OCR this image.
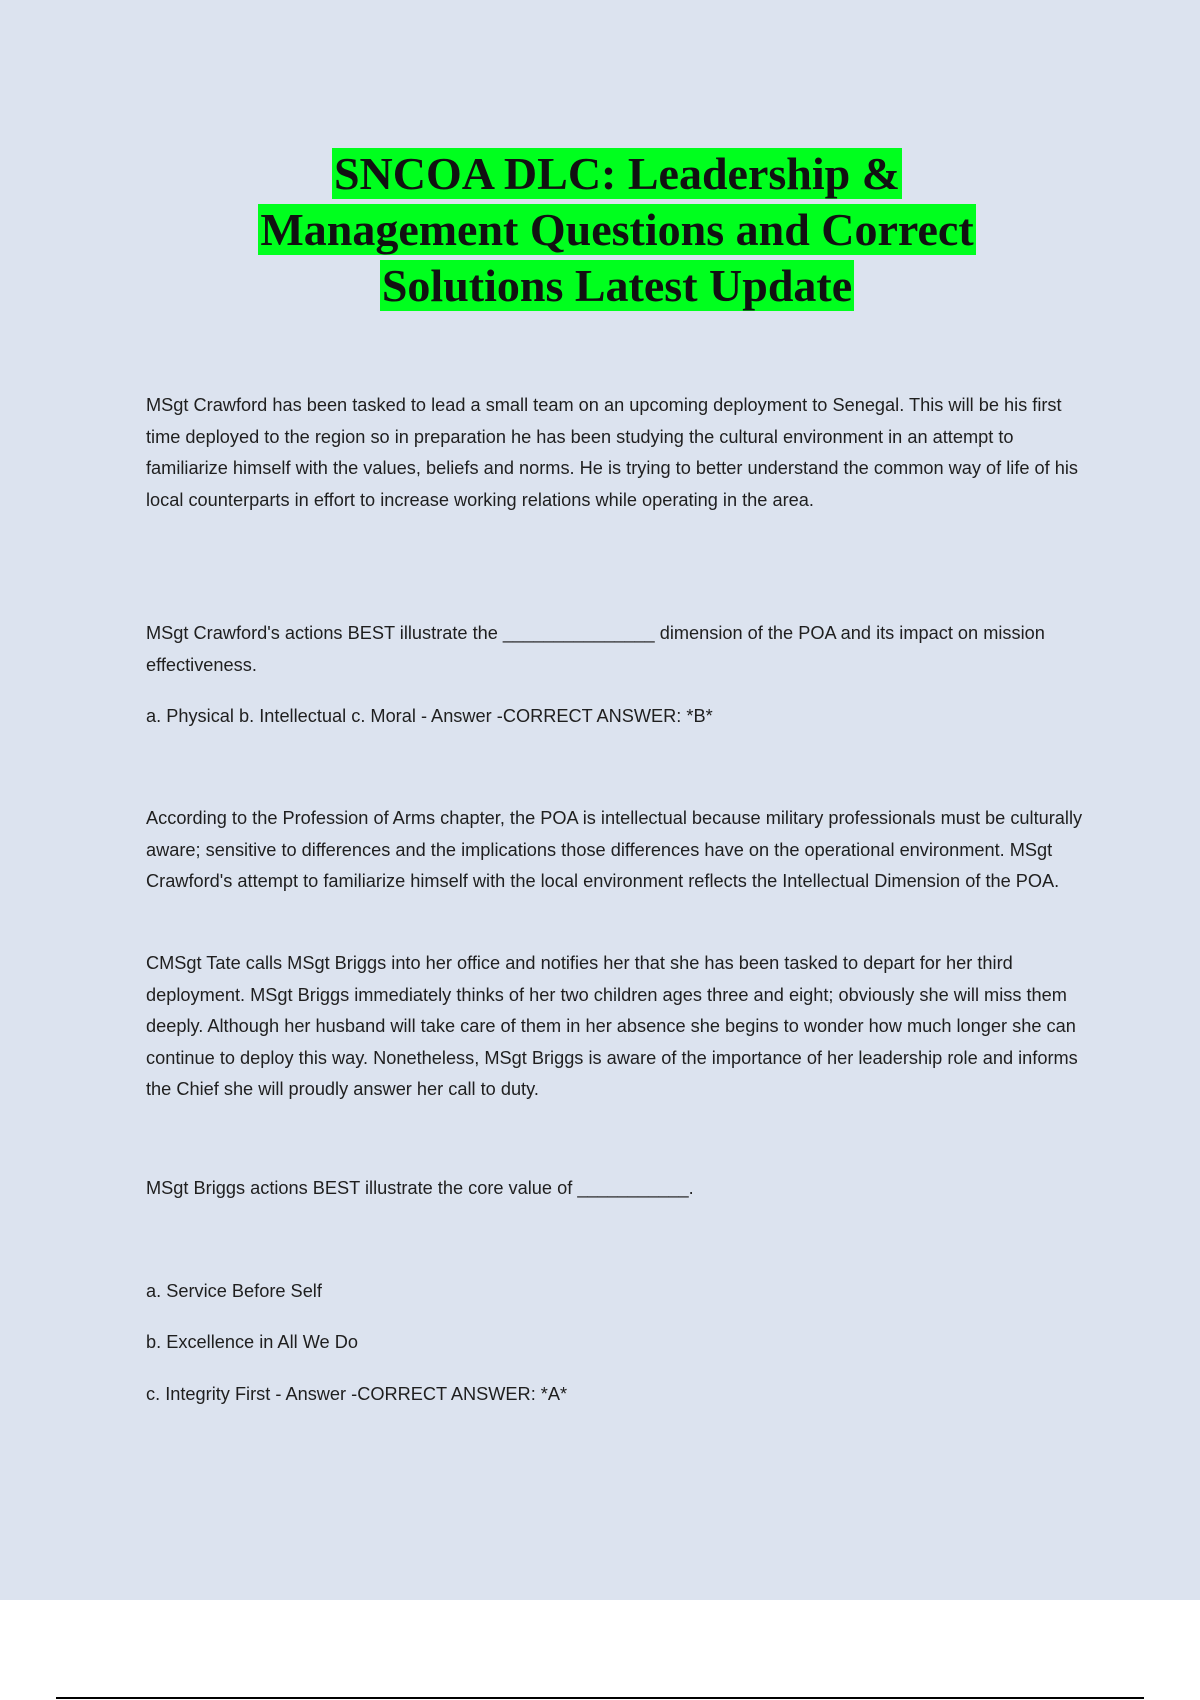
SNCOA DLC: Leadership &

Management Questions and Correct

Solutions Latest Update

MSgt Crawford has been tasked to lead a small team on an upcoming deployment to Senegal. This will be his first time deployed to the region so in preparation he has been studying the cultural environment in an attempt to familiarize himself with the values, beliefs and norms. He is trying to better understand the common way of life of his local counterparts in effort to increase working relations while operating in the area.

MSgt Crawford's actions BEST illustrate the _______________ dimension of the POA and its impact on mission effectiveness.

a. Physical b. Intellectual c. Moral - Answer -CORRECT ANSWER: *B*

According to the Profession of Arms chapter, the POA is intellectual because military professionals must be culturally aware; sensitive to differences and the implications those differences have on the operational environment. MSgt Crawford's attempt to familiarize himself with the local environment reflects the Intellectual Dimension of the POA.

CMSgt Tate calls MSgt Briggs into her office and notifies her that she has been tasked to depart for her third deployment. MSgt Briggs immediately thinks of her two children ages three and eight; obviously she will miss them deeply. Although her husband will take care of them in her absence she begins to wonder how much longer she can continue to deploy this way. Nonetheless, MSgt Briggs is aware of the importance of her leadership role and informs the Chief she will proudly answer her call to duty.

MSgt Briggs actions BEST illustrate the core value of ___________.

a. Service Before Self

b. Excellence in All We Do

c. Integrity First - Answer -CORRECT ANSWER: *A*
